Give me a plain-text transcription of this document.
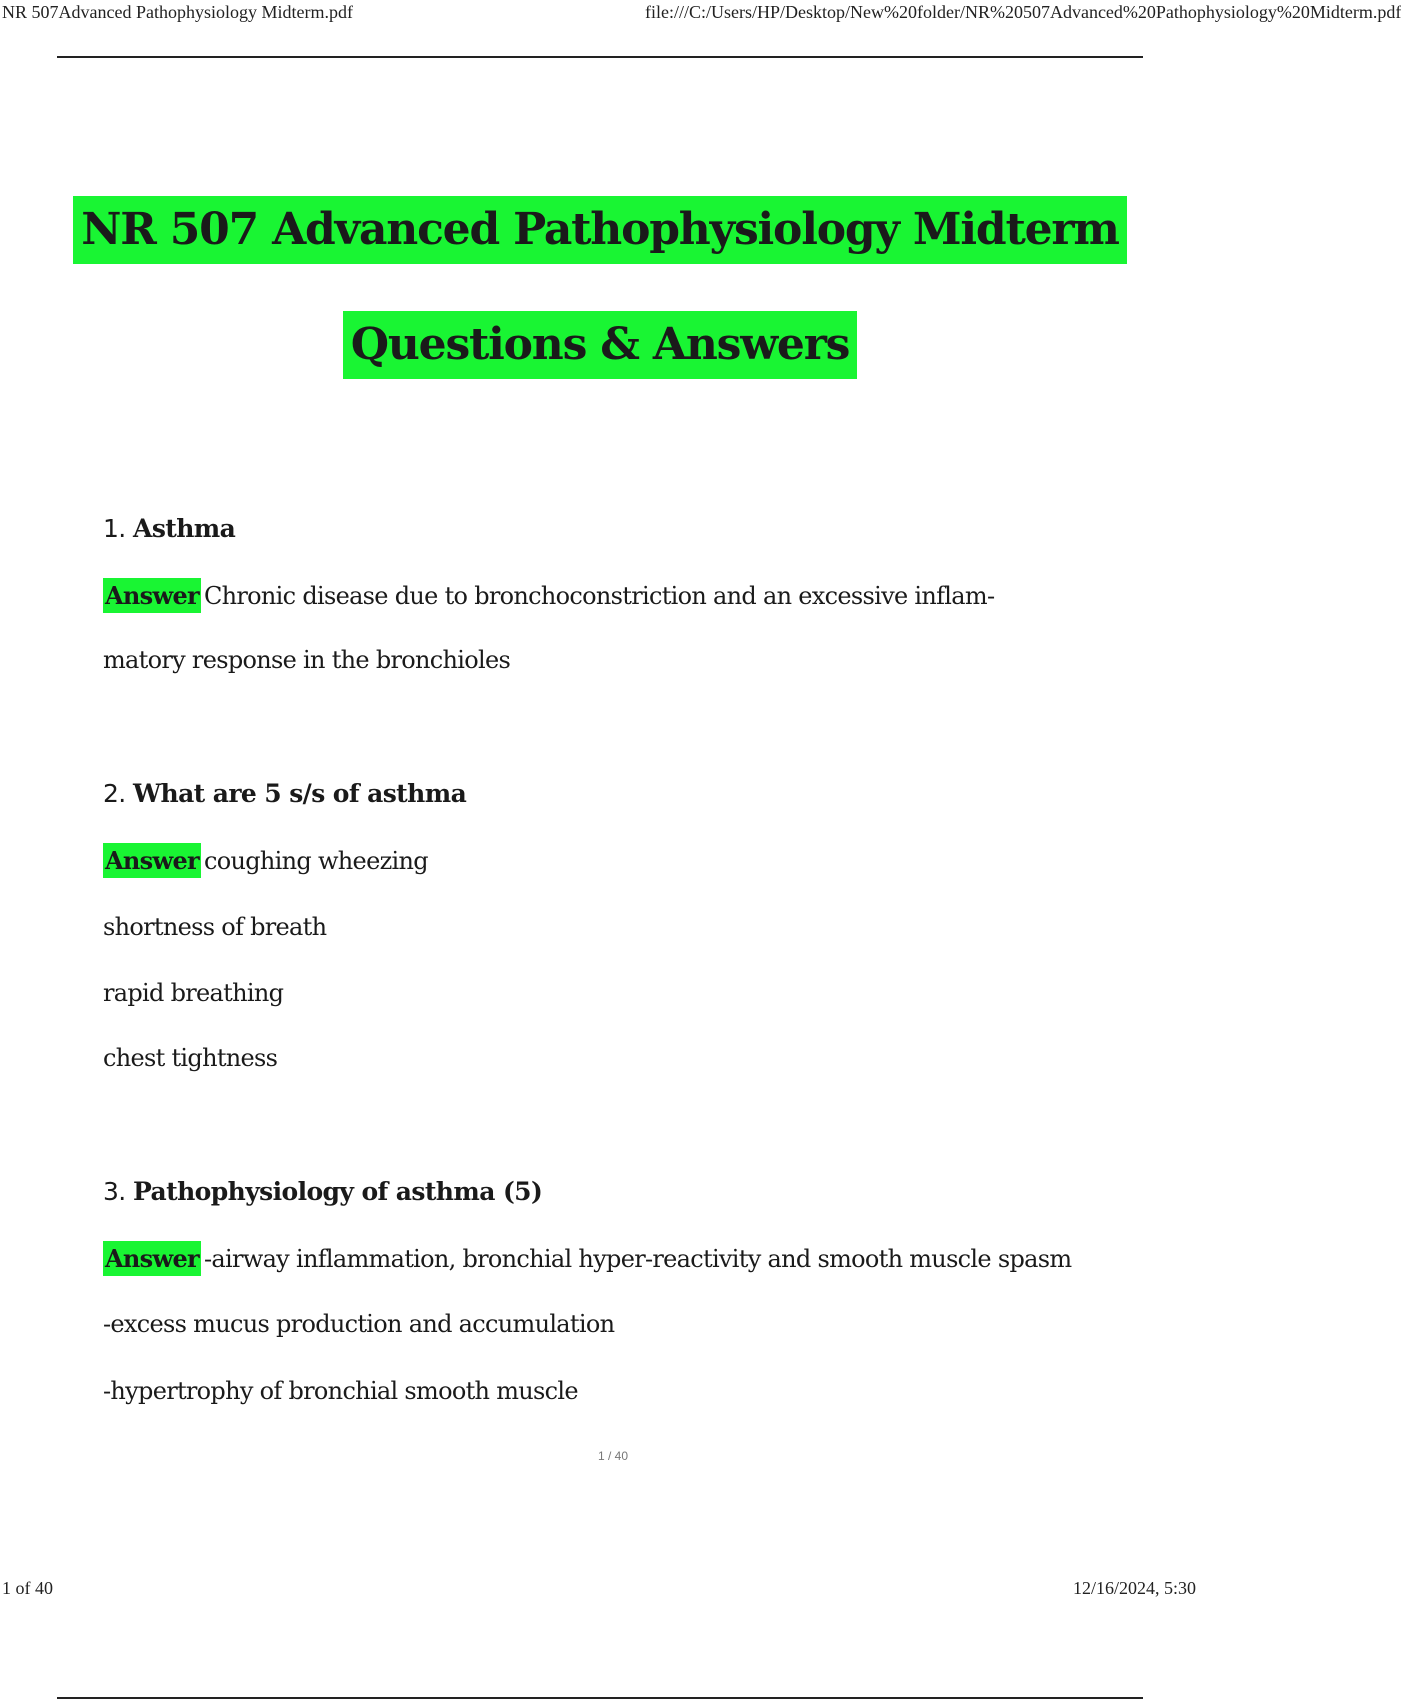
NR 507Advanced Pathophysiology Midterm.pdf	file:///C:/Users/HP/Desktop/New%20folder/NR%20507Advanced%20Pathophysiology%20Midterm.pdf
NR 507 Advanced Pathophysiology Midterm
Questions & Answers
1. Asthma
Answer Chronic disease due to bronchoconstriction and an excessive inflam-
matory response in the bronchioles
2. What are 5 s/s of asthma
Answer coughing wheezing
shortness of breath
rapid breathing
chest tightness
3. Pathophysiology of asthma (5)
Answer -airway inflammation, bronchial hyper-reactivity and smooth muscle spasm
-excess mucus production and accumulation
-hypertrophy of bronchial smooth muscle
1 / 40
1 of 40	12/16/2024, 5:30
